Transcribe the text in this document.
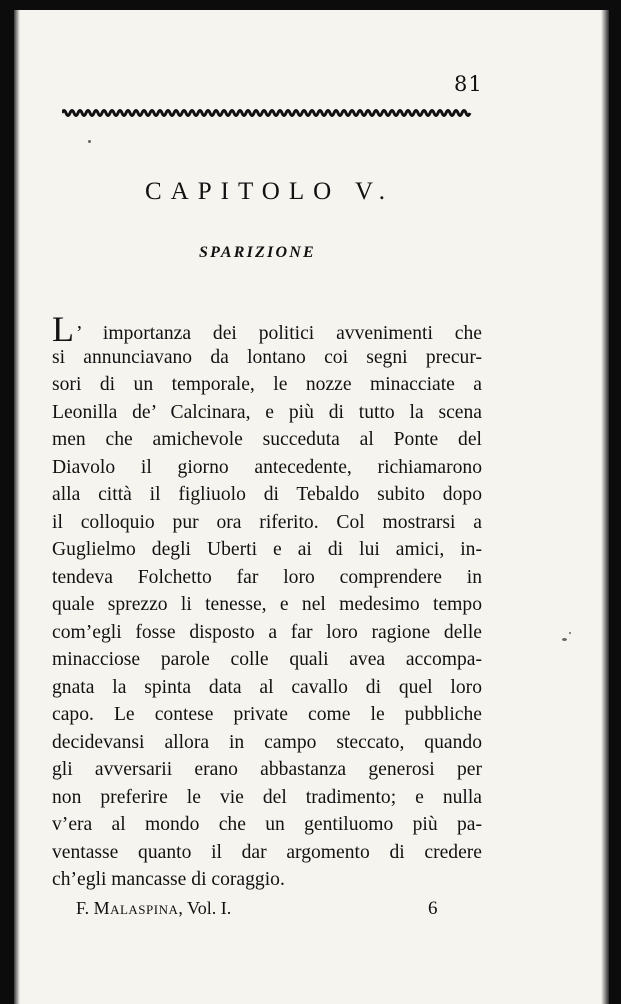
81
CAPITOLO V.
SPARIZIONE
L ’ importanza dei politici avvenimenti che
si annunciavano da lontano coi segni precur-
sori di un temporale, le nozze minacciate a
Leonilla de’ Calcinara, e più di tutto la scena
men che amichevole succeduta al Ponte del
Diavolo il giorno antecedente, richiamarono
alla città il figliuolo di Tebaldo subito dopo
il colloquio pur ora riferito. Col mostrarsi a
Guglielmo degli Uberti e ai di lui amici, in-
tendeva Folchetto far loro comprendere in
quale sprezzo li tenesse, e nel medesimo tempo
com’egli fosse disposto a far loro ragione delle
minacciose parole colle quali avea accompa-
gnata la spinta data al cavallo di quel loro
capo. Le contese private come le pubbliche
decidevansi allora in campo steccato, quando
gli avversarii erano abbastanza generosi per
non preferire le vie del tradimento; e nulla
v’era al mondo che un gentiluomo più pa-
ventasse quanto il dar argomento di credere
ch’egli mancasse di coraggio.
F. Malaspina, Vol. I.	6
